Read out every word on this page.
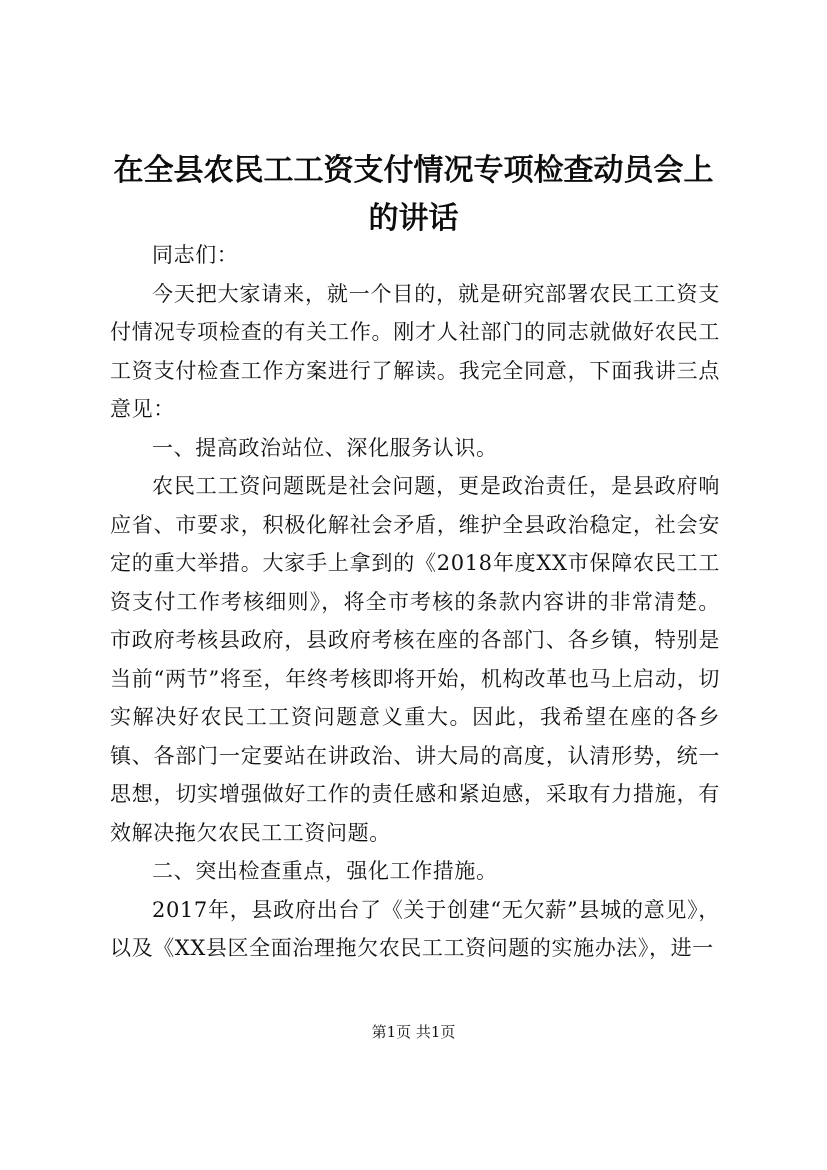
在全县农民工工资支付情况专项检查动员会上的讲话

同志们：

今天把大家请来，就一个目的，就是研究部署农民工工资支付情况专项检查的有关工作。刚才人社部门的同志就做好农民工工资支付检查工作方案进行了解读。我完全同意，下面我讲三点意见：

一、提高政治站位、深化服务认识。

农民工工资问题既是社会问题，更是政治责任，是县政府响应省、市要求，积极化解社会矛盾，维护全县政治稳定，社会安定的重大举措。大家手上拿到的《2018年度XX市保障农民工工资支付工作考核细则》，将全市考核的条款内容讲的非常清楚。市政府考核县政府，县政府考核在座的各部门、各乡镇，特别是当前“两节”将至，年终考核即将开始，机构改革也马上启动，切实解决好农民工工资问题意义重大。因此，我希望在座的各乡镇、各部门一定要站在讲政治、讲大局的高度，认清形势，统一思想，切实增强做好工作的责任感和紧迫感，采取有力措施，有效解决拖欠农民工工资问题。

二、突出检查重点，强化工作措施。

2017年，县政府出台了《关于创建“无欠薪”县城的意见》，以及《XX县区全面治理拖欠农民工工资问题的实施办法》，进一

第1页 共1页
